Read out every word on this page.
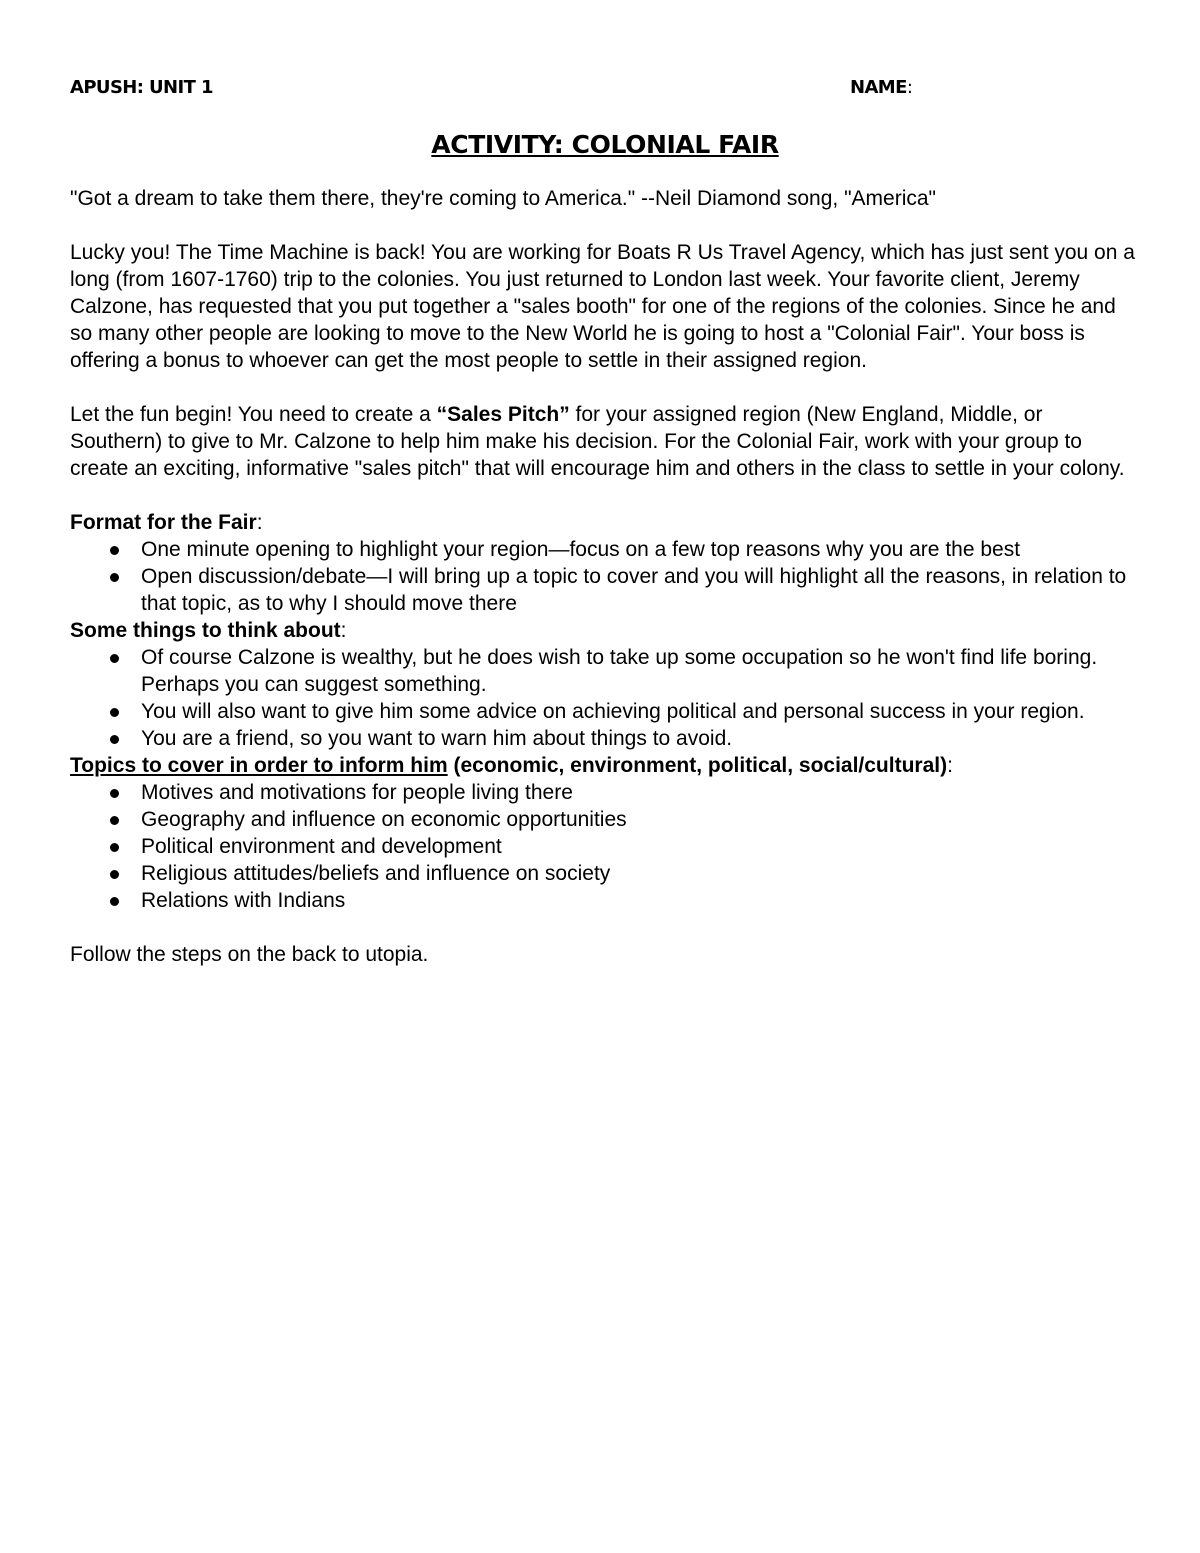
APUSH: UNIT 1	NAME:
ACTIVITY: COLONIAL FAIR

"Got a dream to take them there, they're coming to America." --Neil Diamond song, "America"

Lucky you! The Time Machine is back! You are working for Boats R Us Travel Agency, which has just sent you on a long (from 1607-1760) trip to the colonies. You just returned to London last week. Your favorite client, Jeremy Calzone, has requested that you put together a "sales booth" for one of the regions of the colonies. Since he and so many other people are looking to move to the New World he is going to host a "Colonial Fair". Your boss is offering a bonus to whoever can get the most people to settle in their assigned region.

Let the fun begin! You need to create a “Sales Pitch” for your assigned region (New England, Middle, or Southern) to give to Mr. Calzone to help him make his decision. For the Colonial Fair, work with your group to create an exciting, informative "sales pitch" that will encourage him and others in the class to settle in your colony.

Format for the Fair:

One minute opening to highlight your region—focus on a few top reasons why you are the best
Open discussion/debate—I will bring up a topic to cover and you will highlight all the reasons, in relation to that topic, as to why I should move there

Some things to think about:

Of course Calzone is wealthy, but he does wish to take up some occupation so he won't find life boring. Perhaps you can suggest something.
You will also want to give him some advice on achieving political and personal success in your region.
You are a friend, so you want to warn him about things to avoid.

Topics to cover in order to inform him (economic, environment, political, social/cultural):

Motives and motivations for people living there
Geography and influence on economic opportunities
Political environment and development
Religious attitudes/beliefs and influence on society
Relations with Indians

Follow the steps on the back to utopia.
